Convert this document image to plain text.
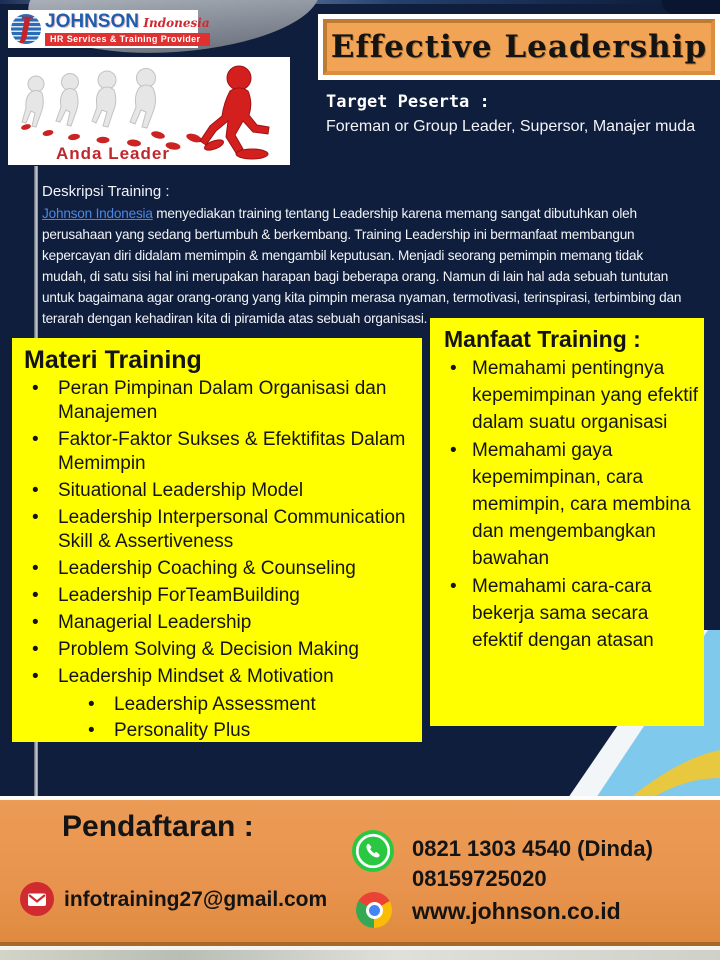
J JOHNSON Indonesia
HR Services & Training Provider	Effective Leadership
Anda Leader
Target Peserta :

Foreman or Group Leader, Supersor, Manajer muda

Deskripsi Training :

Johnson Indonesia menyediakan training tentang Leadership karena memang sangat dibutuhkan oleh perusahaan yang sedang bertumbuh & berkembang. Training Leadership ini bermanfaat membangun kepercayan diri didalam memimpin & mengambil keputusan. Menjadi seorang pemimpin memang tidak mudah, di satu sisi hal ini merupakan harapan bagi beberapa orang. Namun di lain hal ada sebuah tuntutan untuk bagaimana agar orang-orang yang kita pimpin merasa nyaman, termotivasi, terinspirasi, terbimbing dan terarah dengan kehadiran kita di piramida atas sebuah organisasi.

Materi Training
• Peran Pimpinan Dalam Organisasi dan Manajemen
• Faktor-Faktor Sukses & Efektifitas Dalam Memimpin
• Situational Leadership Model
• Leadership Interpersonal Communication Skill & Assertiveness
• Leadership Coaching & Counseling
• Leadership ForTeamBuilding
• Managerial Leadership
• Problem Solving & Decision Making
• Leadership Mindset & Motivation
• Leadership Assessment
• Personality Plus
Manfaat Training :
• Memahami pentingnya kepemimpinan yang efektif dalam suatu organisasi
• Memahami gaya kepemimpinan, cara memimpin, cara membina dan mengembangkan bawahan
• Memahami cara-cara bekerja sama secara efektif dengan atasan
Pendaftaran :
infotraining27@gmail.com
0821 1303 4540 (Dinda)
08159725020
www.johnson.co.id
